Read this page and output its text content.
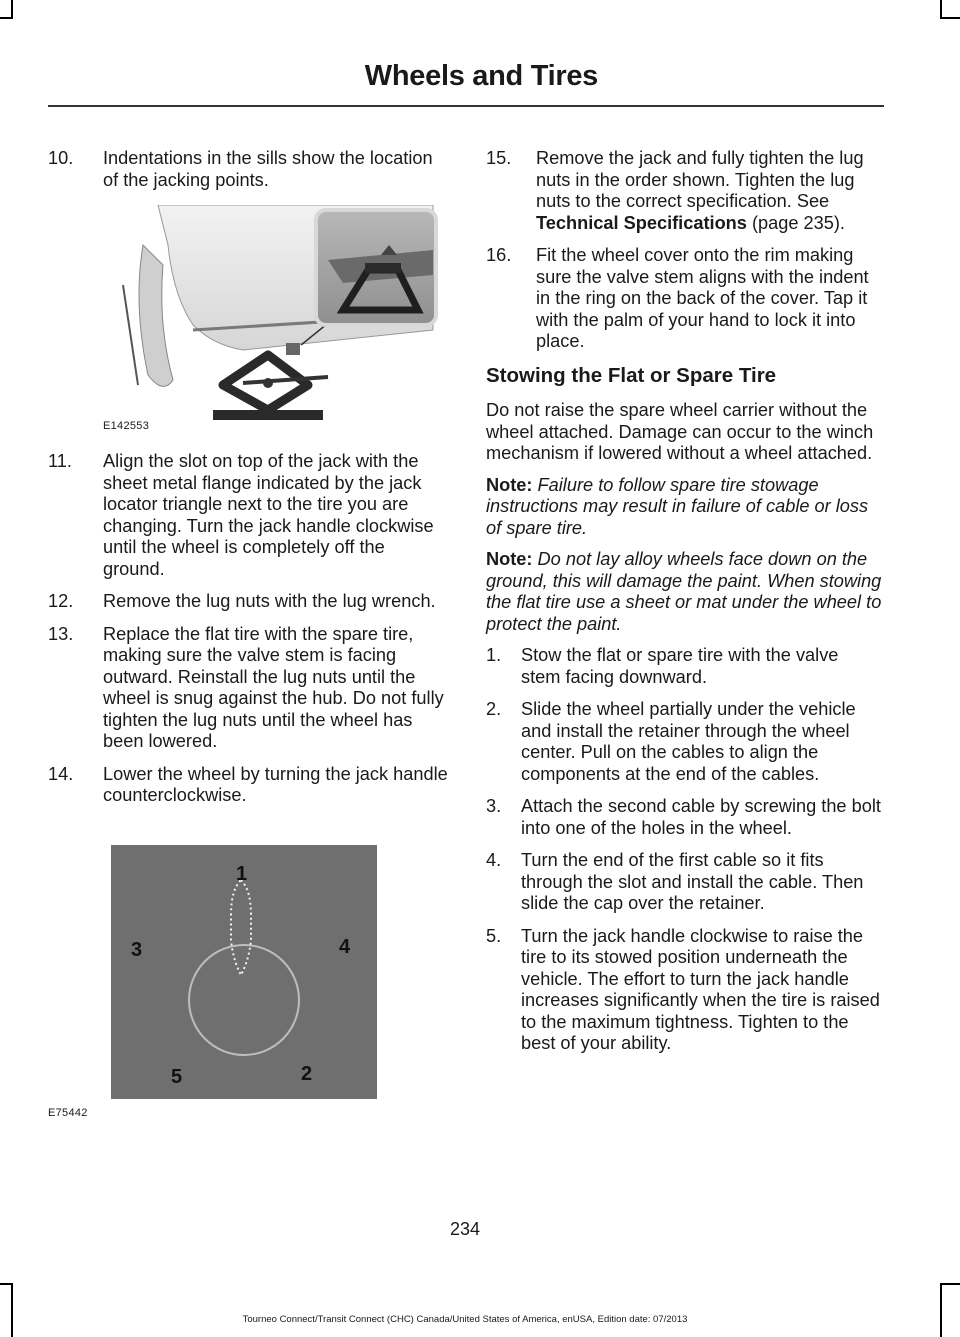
Wheels and Tires
10.	Indentations in the sills show the location of the jacking points.
E142553
11.	Align the slot on top of the jack with the sheet metal flange indicated by the jack locator triangle next to the tire you are changing. Turn the jack handle clockwise until the wheel is completely off the ground.
12.	Remove the lug nuts with the lug wrench.
13.	Replace the flat tire with the spare tire, making sure the valve stem is facing outward. Reinstall the lug nuts until the wheel is snug against the hub. Do not fully tighten the lug nuts until the wheel has been lowered.
14.	Lower the wheel by turning the jack handle counterclockwise.
1
2
3	4
5
E75442
15.	Remove the jack and fully tighten the lug nuts in the order shown. Tighten the lug nuts to the correct specification. See Technical Specifications (page 235).
16.	Fit the wheel cover onto the rim making sure the valve stem aligns with the indent in the ring on the back of the cover. Tap it with the palm of your hand to lock it into place.
Stowing the Flat or Spare Tire

Do not raise the spare wheel carrier without the wheel attached. Damage can occur to the winch mechanism if lowered without a wheel attached.

Note: Failure to follow spare tire stowage instructions may result in failure of cable or loss of spare tire.

Note: Do not lay alloy wheels face down on the ground, this will damage the paint. When stowing the flat tire use a sheet or mat under the wheel to protect the paint.

1.	Stow the flat or spare tire with the valve stem facing downward.
2.	Slide the wheel partially under the vehicle and install the retainer through the wheel center. Pull on the cables to align the components at the end of the cables.
3.	Attach the second cable by screwing the bolt into one of the holes in the wheel.
4.	Turn the end of the first cable so it fits through the slot and install the cable. Then slide the cap over the retainer.
5.	Turn the jack handle clockwise to raise the tire to its stowed position underneath the vehicle. The effort to turn the jack handle increases significantly when the tire is raised to the maximum tightness. Tighten to the best of your ability.
234
Tourneo Connect/Transit Connect (CHC) Canada/United States of America, enUSA, Edition date: 07/2013
